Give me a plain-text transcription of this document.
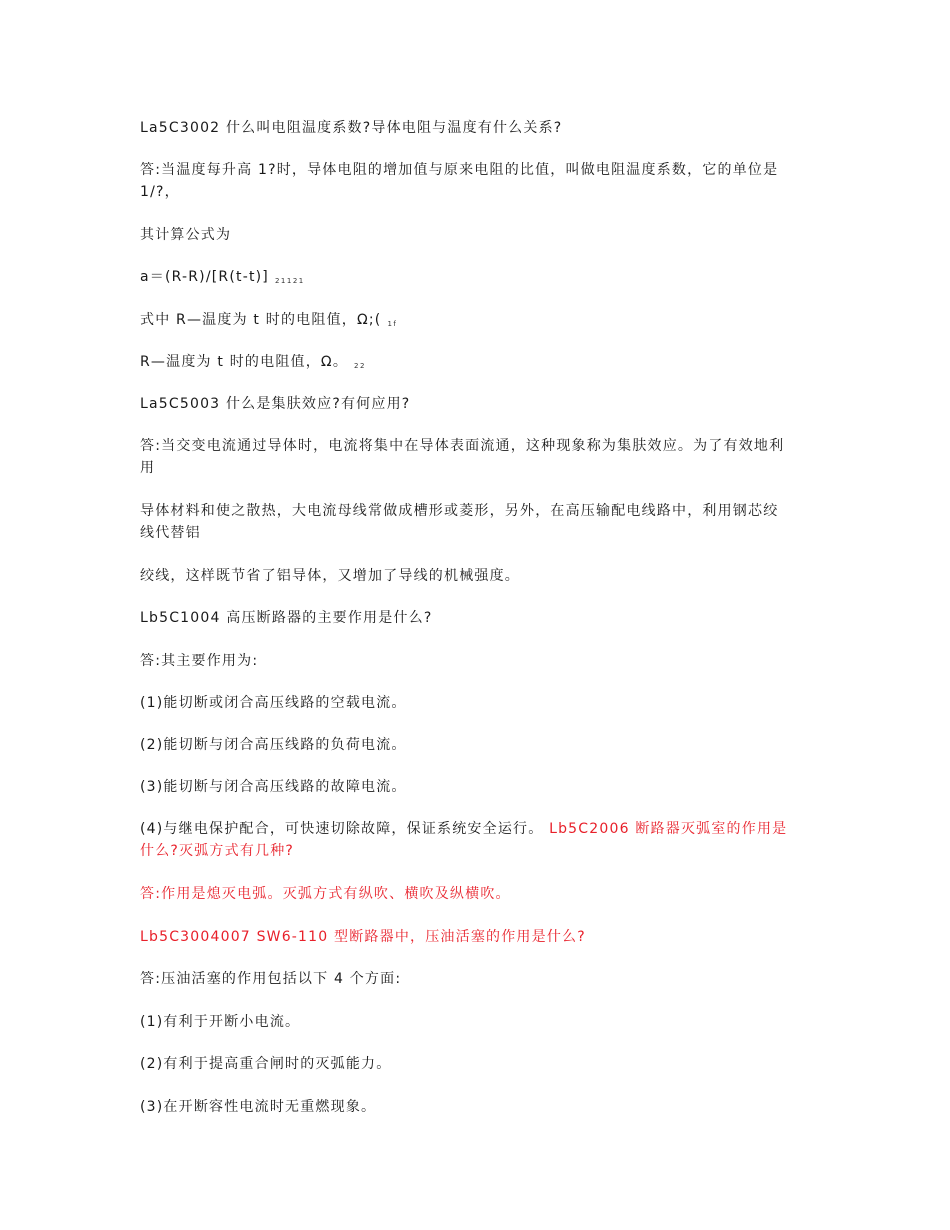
La5C3002 什么叫电阻温度系数?导体电阻与温度有什么关系?
答:当温度每升高 1?时，导体电阻的增加值与原来电阻的比值，叫做电阻温度系数，它的单位是
1/?，
其计算公式为
a＝(R-R)/[R(t-t)] $_{21121}$
式中 R—温度为 t 时的电阻值，Ω;( $_{1f}$
R—温度为 t 时的电阻值，Ω。 $_{22}$
La5C5003 什么是集肤效应?有何应用?
答:当交变电流通过导体时，电流将集中在导体表面流通，这种现象称为集肤效应。为了有效地利
用
导体材料和使之散热，大电流母线常做成槽形或菱形，另外，在高压输配电线路中，利用钢芯绞
线代替铝
绞线，这样既节省了铝导体，又增加了导线的机械强度。
Lb5C1004 高压断路器的主要作用是什么?
答:其主要作用为:
(1)能切断或闭合高压线路的空载电流。
(2)能切断与闭合高压线路的负荷电流。
(3)能切断与闭合高压线路的故障电流。
(4)与继电保护配合，可快速切除故障，保证系统安全运行。 Lb5C2006 断路器灭弧室的作用是
什么?灭弧方式有几种?
答:作用是熄灭电弧。灭弧方式有纵吹、横吹及纵横吹。
Lb5C3004007 SW6-110 型断路器中，压油活塞的作用是什么?
答:压油活塞的作用包括以下 4 个方面:
(1)有利于开断小电流。
(2)有利于提高重合闸时的灭弧能力。
(3)在开断容性电流时无重燃现象。
